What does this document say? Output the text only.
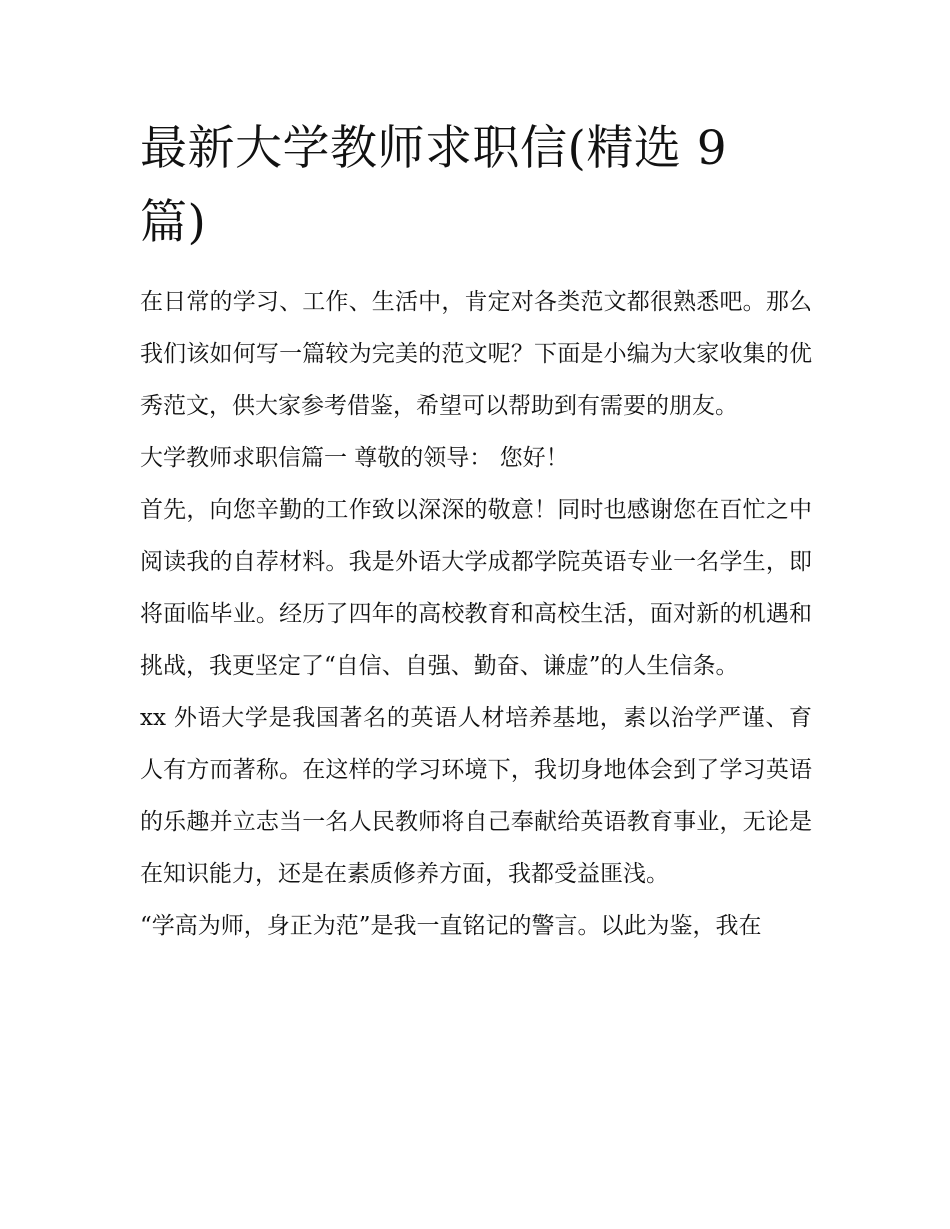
最新大学教师求职信(精选 9 篇)

在日常的学习、工作、生活中，肯定对各类范文都很熟悉吧。那么我们该如何写一篇较为完美的范文呢？下面是小编为大家收集的优秀范文，供大家参考借鉴，希望可以帮助到有需要的朋友。

大学教师求职信篇一 尊敬的领导： 您好！

首先，向您辛勤的工作致以深深的敬意！同时也感谢您在百忙之中阅读我的自荐材料。我是外语大学成都学院英语专业一名学生，即将面临毕业。经历了四年的高校教育和高校生活，面对新的机遇和挑战，我更坚定了“自信、自强、勤奋、谦虚”的人生信条。

xx 外语大学是我国著名的英语人材培养基地，素以治学严谨、育人有方而著称。在这样的学习环境下，我切身地体会到了学习英语的乐趣并立志当一名人民教师将自己奉献给英语教育事业，无论是在知识能力，还是在素质修养方面，我都受益匪浅。

“学高为师，身正为范”是我一直铭记的警言。以此为鉴，我在
